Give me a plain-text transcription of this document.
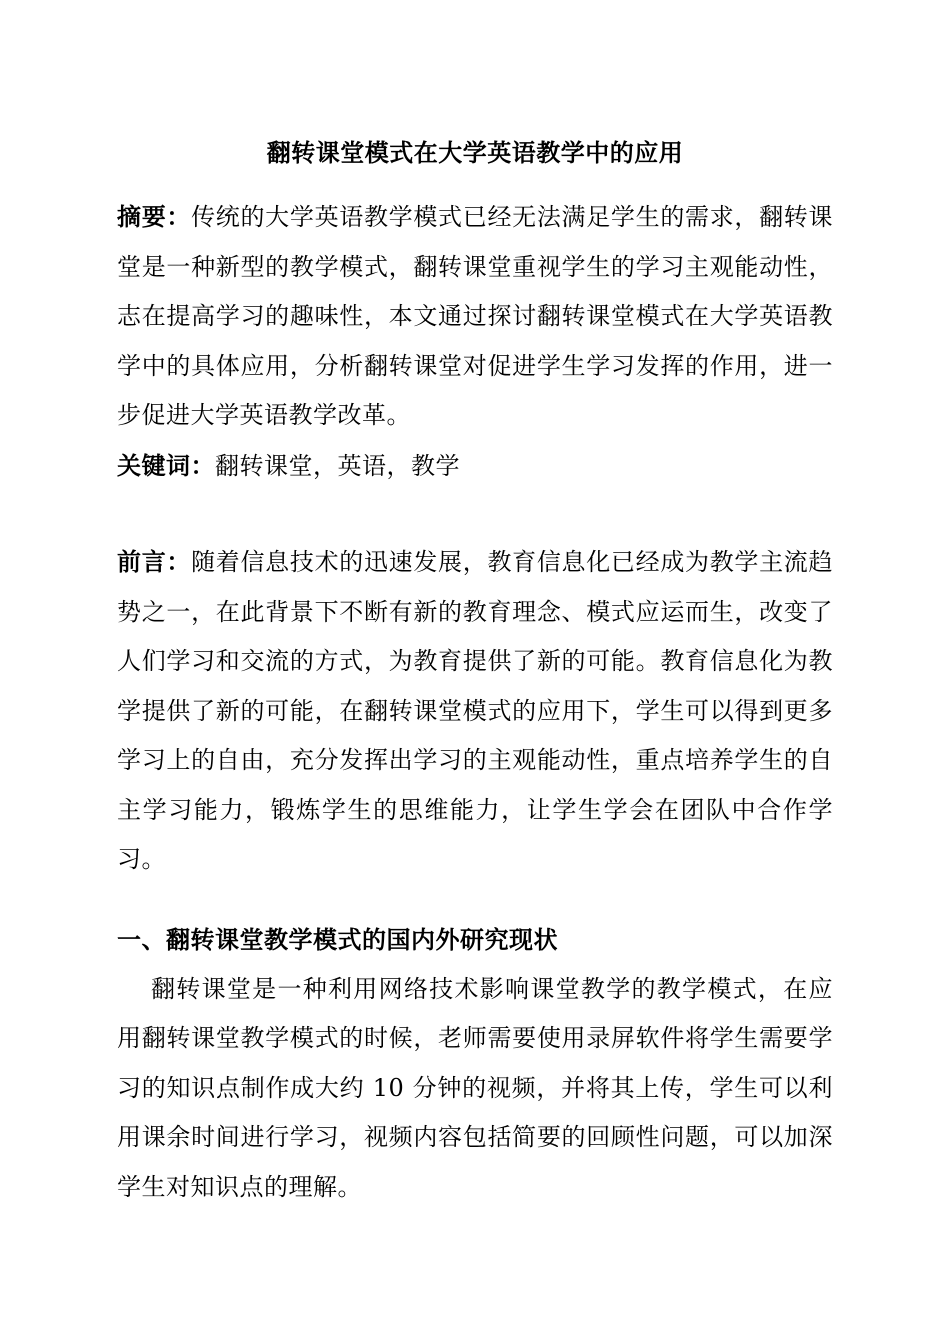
翻转课堂模式在大学英语教学中的应用

摘要：传统的大学英语教学模式已经无法满足学生的需求，翻转课堂是一种新型的教学模式，翻转课堂重视学生的学习主观能动性，志在提高学习的趣味性，本文通过探讨翻转课堂模式在大学英语教学中的具体应用，分析翻转课堂对促进学生学习发挥的作用，进一步促进大学英语教学改革。

关键词：翻转课堂，英语，教学

前言：随着信息技术的迅速发展，教育信息化已经成为教学主流趋势之一，在此背景下不断有新的教育理念、模式应运而生，改变了人们学习和交流的方式，为教育提供了新的可能。教育信息化为教学提供了新的可能，在翻转课堂模式的应用下，学生可以得到更多学习上的自由，充分发挥出学习的主观能动性，重点培养学生的自主学习能力，锻炼学生的思维能力，让学生学会在团队中合作学习。

一、翻转课堂教学模式的国内外研究现状

翻转课堂是一种利用网络技术影响课堂教学的教学模式，在应用翻转课堂教学模式的时候，老师需要使用录屏软件将学生需要学习的知识点制作成大约 10 分钟的视频，并将其上传，学生可以利用课余时间进行学习，视频内容包括简要的回顾性问题，可以加深学生对知识点的理解。
